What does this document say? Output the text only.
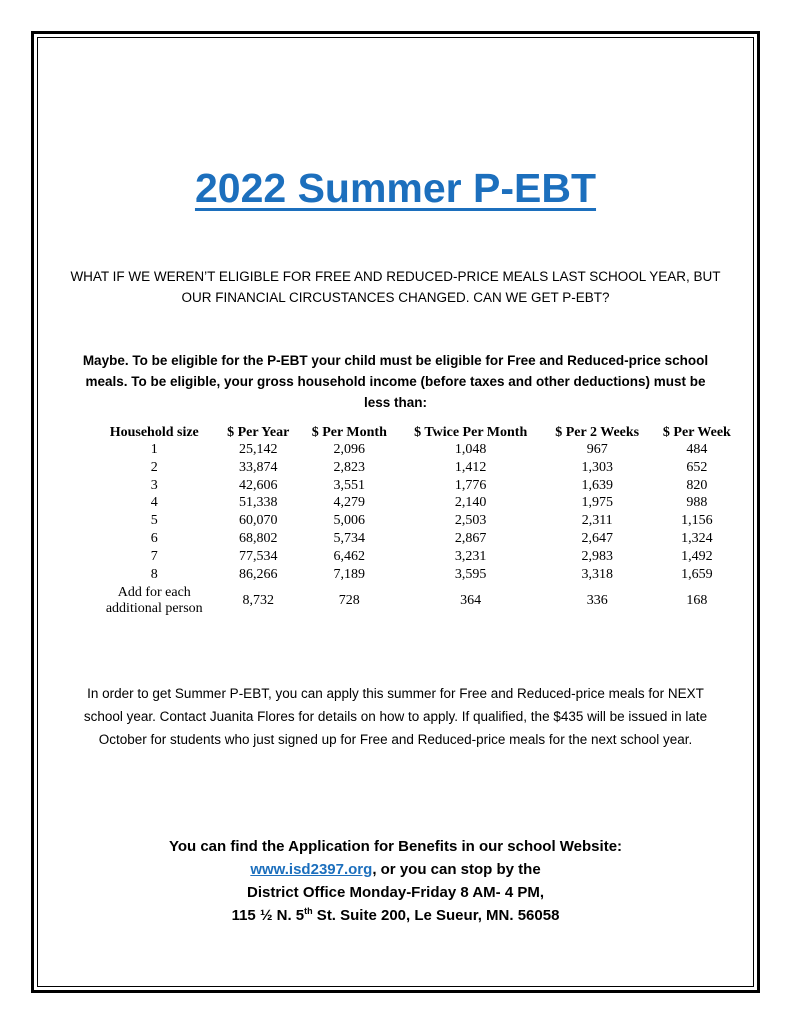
2022 Summer P-EBT
WHAT IF WE WEREN’T ELIGIBLE FOR FREE AND REDUCED-PRICE MEALS LAST SCHOOL YEAR, BUT OUR FINANCIAL CIRCUSTANCES CHANGED. CAN WE GET P-EBT?
Maybe. To be eligible for the P-EBT your child must be eligible for Free and Reduced-price school meals. To be eligible, your gross household income (before taxes and other deductions) must be less than:
Household size	$ Per Year	$ Per Month	$ Twice Per Month	$ Per 2 Weeks	$ Per Week
1	25,142	2,096	1,048	967	484
2	33,874	2,823	1,412	1,303	652
3	42,606	3,551	1,776	1,639	820
4	51,338	4,279	2,140	1,975	988
5	60,070	5,006	2,503	2,311	1,156
6	68,802	5,734	2,867	2,647	1,324
7	77,534	6,462	3,231	2,983	1,492
8	86,266	7,189	3,595	3,318	1,659
Add for each
additional person	8,732	728	364	336	168
In order to get Summer P-EBT, you can apply this summer for Free and Reduced-price meals for NEXT school year. Contact Juanita Flores for details on how to apply. If qualified, the $435 will be issued in late October for students who just signed up for Free and Reduced-price meals for the next school year.
You can find the Application for Benefits in our school Website:
www.isd2397.org, or you can stop by the
District Office Monday-Friday 8 AM- 4 PM,
115 ½ N. 5th St. Suite 200, Le Sueur, MN. 56058
